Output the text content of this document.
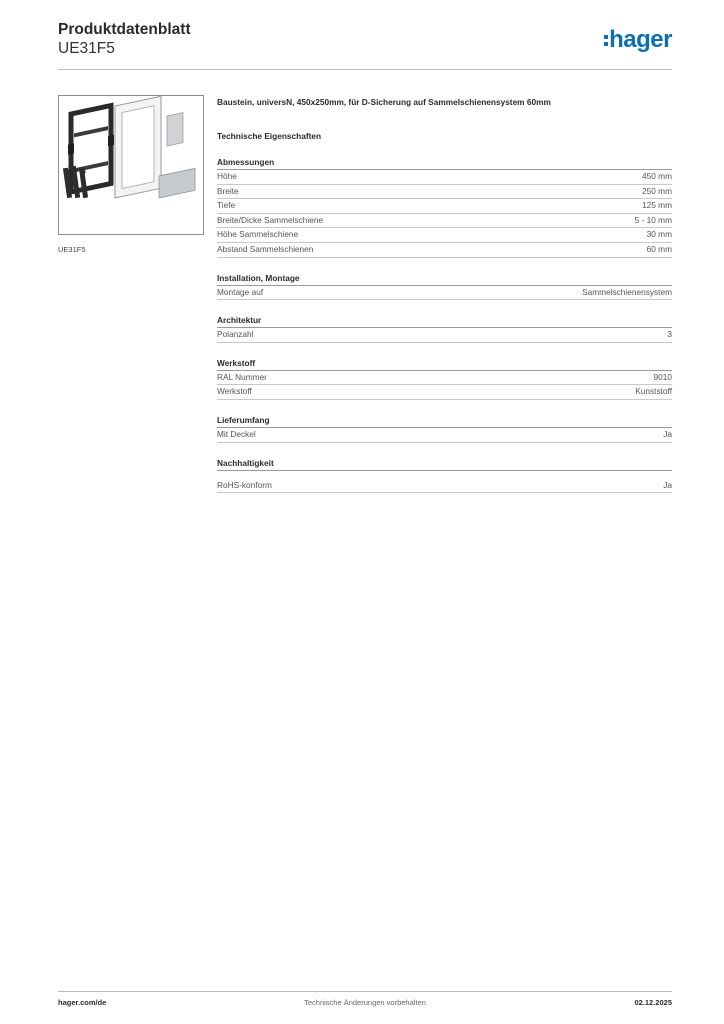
Produktdatenblatt
UE31F5	hager
UE31F5
Baustein, universN, 450x250mm, für D-Sicherung auf Sammelschienensystem 60mm
Technische Eigenschaften
Abmessungen
Höhe	450 mm
Breite	250 mm
Tiefe	125 mm
Breite/Dicke Sammelschiene	5 - 10 mm
Höhe Sammelschiene	30 mm
Abstand Sammelschienen	60 mm
Installation, Montage
Montage auf	Sammelschienensystem
Architektur
Polanzahl	3
Werkstoff
RAL Nummer	9010
Werkstoff	Kunststoff
Lieferumfang
Mit Deckel	Ja
Nachhaltigkeit
RoHS-konform	Ja
hager.com/de	Technische Änderungen vorbehalten	02.12.2025
